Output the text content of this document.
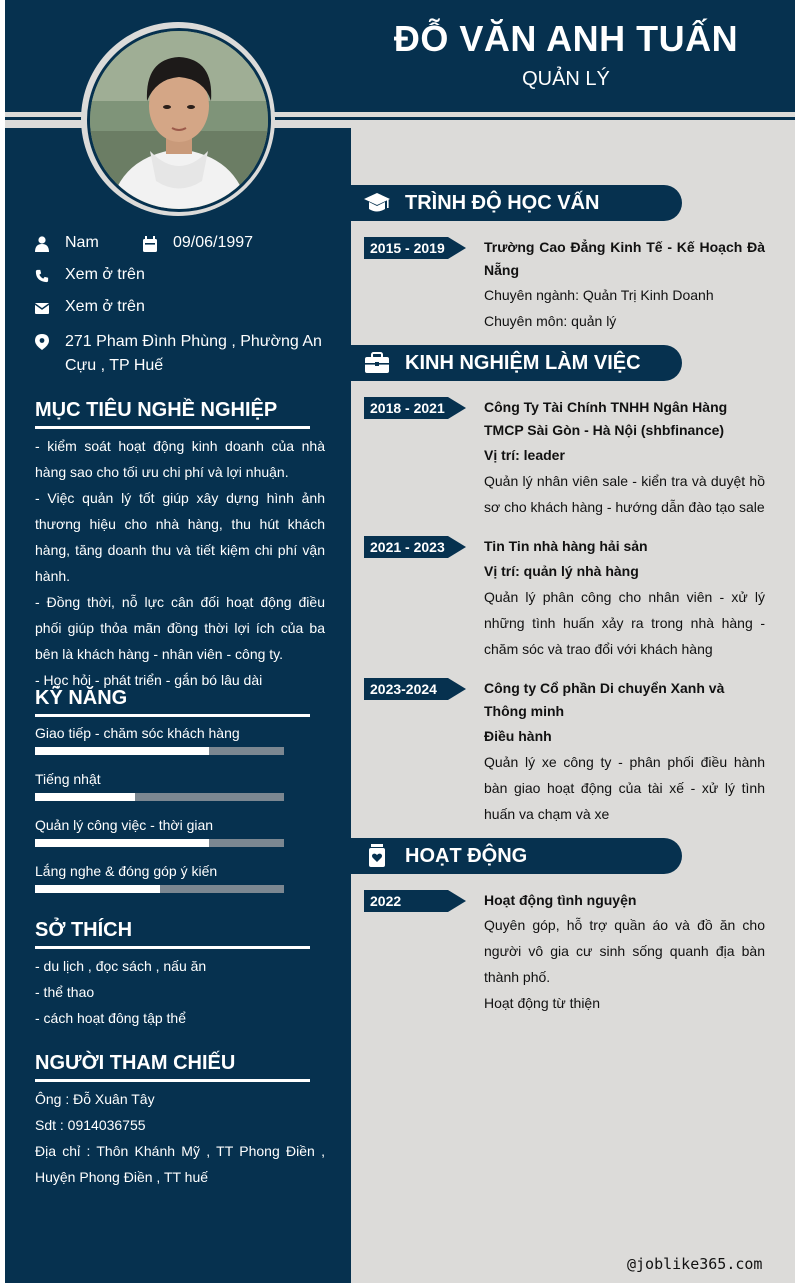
ĐỖ VĂN ANH TUẤN
QUẢN LÝ
Nam	09/06/1997
Xem ở trên
Xem ở trên
271 Pham Đình Phùng , Phường An Cựu , TP Huế
MỤC TIÊU NGHỀ NGHIỆP

- kiểm soát hoạt động kinh doanh của nhà hàng sao cho tối ưu chi phí và lợi nhuận.

- Việc quản lý tốt giúp xây dựng hình ảnh thương hiệu cho nhà hàng, thu hút khách hàng, tăng doanh thu và tiết kiệm chi phí vận hành.

- Đồng thời, nỗ lực cân đối hoạt động điều phối giúp thỏa mãn đồng thời lợi ích của ba bên là khách hàng - nhân viên - công ty.

- Học hỏi - phát triển - gắn bó lâu dài

KỸ NĂNG
Giao tiếp - chăm sóc khách hàng
Tiếng nhật
Quản lý công việc - thời gian
Lắng nghe & đóng góp ý kiến
SỞ THÍCH

- du lịch , đọc sách , nấu ăn

- thể thao

- cách hoạt đông tập thể

NGƯỜI THAM CHIẾU

Ông : Đỗ Xuân Tây

Sdt : 0914036755

Địa chỉ : Thôn Khánh Mỹ , TT Phong Điền , Huyện Phong Điền , TT huế

TRÌNH ĐỘ HỌC VẤN
2015 - 2019	Trường Cao Đẳng Kinh Tế - Kế Hoạch Đà Nẵng
Chuyên ngành: Quản Trị Kinh Doanh
Chuyên môn: quản lý
KINH NGHIỆM LÀM VIỆC
2018 - 2021	Công Ty Tài Chính TNHH Ngân Hàng TMCP Sài Gòn - Hà Nội (shbfinance)
Vị trí: leader
Quản lý nhân viên sale - kiển tra và duyệt hồ sơ cho khách hàng - hướng dẫn đào tạo sale
2021 - 2023	Tin Tin nhà hàng hải sản
Vị trí: quản lý nhà hàng
Quản lý phân công cho nhân viên - xử lý những tình huấn xảy ra trong nhà hàng - chăm sóc và trao đổi với khách hàng
2023-2024	Công ty Cổ phần Di chuyển Xanh và Thông minh
Điều hành
Quản lý xe công ty - phân phối điều hành bàn giao hoạt động của tài xế - xử lý tình huấn va chạm và xe
HOẠT ĐỘNG
2022	Hoạt động tình nguyện
Quyên góp, hỗ trợ quần áo và đồ ăn cho người vô gia cư sinh sống quanh địa bàn thành phố.
Hoạt động từ thiện
@joblike365.com
